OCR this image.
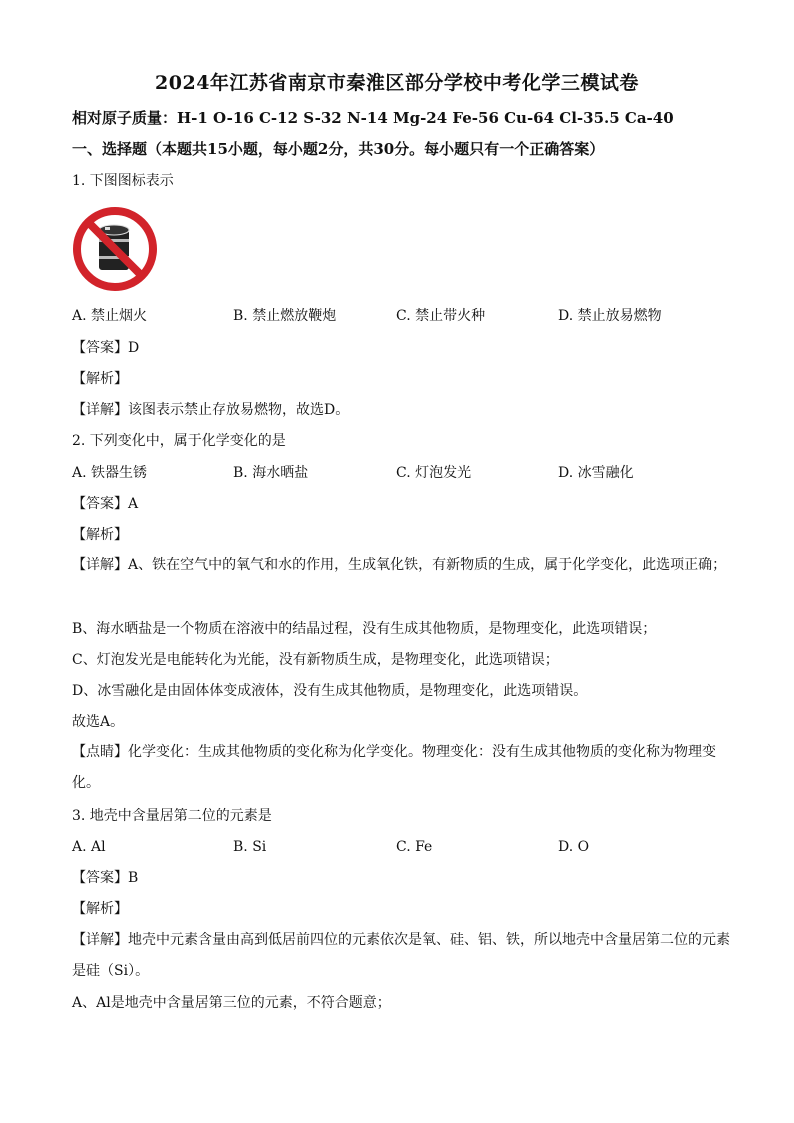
2024年江苏省南京市秦淮区部分学校中考化学三模试卷
相对原子质量：H-1 O-16 C-12 S-32 N-14 Mg-24 Fe-56 Cu-64 Cl-35.5 Ca-40
一、选择题（本题共15小题，每小题2分，共30分。每小题只有一个正确答案）
1. 下图图标表示
A. 禁止烟火	B. 禁止燃放鞭炮	C. 禁止带火种	D. 禁止放易燃物
【答案】D
【解析】
【详解】该图表示禁止存放易燃物，故选D。
2. 下列变化中，属于化学变化的是
A. 铁器生锈	B. 海水晒盐	C. 灯泡发光	D. 冰雪融化
【答案】A
【解析】
【详解】A、铁在空气中的氧气和水的作用，生成氧化铁，有新物质的生成，属于化学变化，此选项正确；
B、海水晒盐是一个物质在溶液中的结晶过程，没有生成其他物质，是物理变化，此选项错误；
C、灯泡发光是电能转化为光能，没有新物质生成，是物理变化，此选项错误；
D、冰雪融化是由固体体变成液体，没有生成其他物质，是物理变化，此选项错误。
故选A。
【点睛】化学变化：生成其他物质的变化称为化学变化。物理变化：没有生成其他物质的变化称为物理变化。
3. 地壳中含量居第二位的元素是
A. Al	B. Si	C. Fe	D. O
【答案】B
【解析】
【详解】地壳中元素含量由高到低居前四位的元素依次是氧、硅、铝、铁，所以地壳中含量居第二位的元素是硅（Si）。
A、Al是地壳中含量居第三位的元素，不符合题意；
